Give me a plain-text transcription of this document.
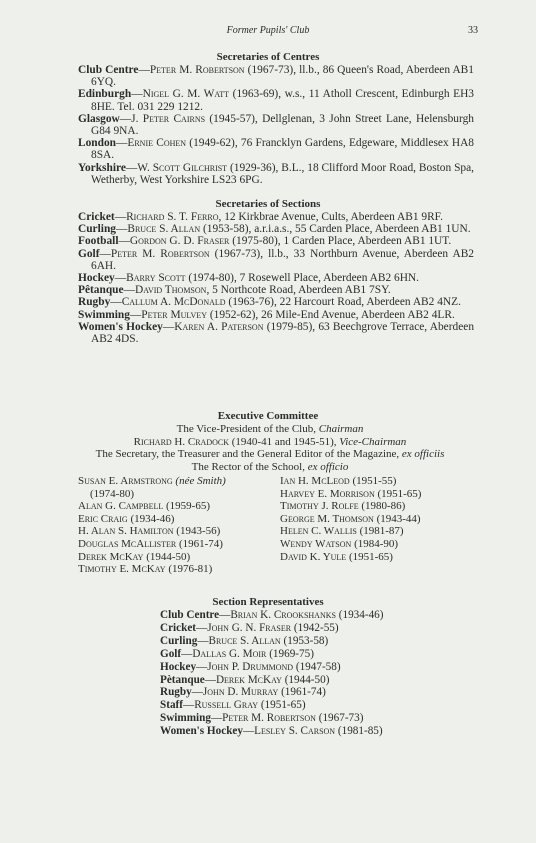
Former Pupils' Club	33
Secretaries of Centres
Club Centre—Peter M. Robertson (1967-73), ll.b., 86 Queen's Road, Aberdeen AB1 6YQ.
Edinburgh—Nigel G. M. Watt (1963-69), w.s., 11 Atholl Crescent, Edinburgh EH3 8HE. Tel. 031 229 1212.
Glasgow—J. Peter Cairns (1945-57), Dellglenan, 3 John Street Lane, Helensburgh G84 9NA.
London—Ernie Cohen (1949-62), 76 Francklyn Gardens, Edgeware, Middlesex HA8 8SA.
Yorkshire—W. Scott Gilchrist (1929-36), B.L., 18 Clifford Moor Road, Boston Spa, Wetherby, West Yorkshire LS23 6PG.
Secretaries of Sections
Cricket—Richard S. T. Ferro, 12 Kirkbrae Avenue, Cults, Aberdeen AB1 9RF.
Curling—Bruce S. Allan (1953-58), a.r.i.a.s., 55 Carden Place, Aberdeen AB1 1UN.
Football—Gordon G. D. Fraser (1975-80), 1 Carden Place, Aberdeen AB1 1UT.
Golf—Peter M. Robertson (1967-73), ll.b., 33 Northburn Avenue, Aberdeen AB2 6AH.
Hockey—Barry Scott (1974-80), 7 Rosewell Place, Aberdeen AB2 6HN.
Pêtanque—David Thomson, 5 Northcote Road, Aberdeen AB1 7SY.
Rugby—Callum A. McDonald (1963-76), 22 Harcourt Road, Aberdeen AB2 4NZ.
Swimming—Peter Mulvey (1952-62), 26 Mile-End Avenue, Aberdeen AB2 4LR.
Women's Hockey—Karen A. Paterson (1979-85), 63 Beechgrove Terrace, Aberdeen AB2 4DS.
Executive Committee
The Vice-President of the Club, Chairman
Richard H. Cradock (1940-41 and 1945-51), Vice-Chairman
The Secretary, the Treasurer and the General Editor of the Magazine, ex officiis
The Rector of the School, ex officio
Susan E. Armstrong (née Smith)
(1974-80)
Alan G. Campbell (1959-65)
Eric Craig (1934-46)
H. Alan S. Hamilton (1943-56)
Douglas McAllister (1961-74)
Derek McKay (1944-50)
Timothy E. McKay (1976-81)
Ian H. McLeod (1951-55)
Harvey E. Morrison (1951-65)
Timothy J. Rolfe (1980-86)
George M. Thomson (1943-44)
Helen C. Wallis (1981-87)
Wendy Watson (1984-90)
David K. Yule (1951-65)
Section Representatives
Club Centre—Brian K. Crookshanks (1934-46)
Cricket—John G. N. Fraser (1942-55)
Curling—Bruce S. Allan (1953-58)
Golf—Dallas G. Moir (1969-75)
Hockey—John P. Drummond (1947-58)
Pètanque—Derek McKay (1944-50)
Rugby—John D. Murray (1961-74)
Staff—Russell Gray (1951-65)
Swimming—Peter M. Robertson (1967-73)
Women's Hockey—Lesley S. Carson (1981-85)
